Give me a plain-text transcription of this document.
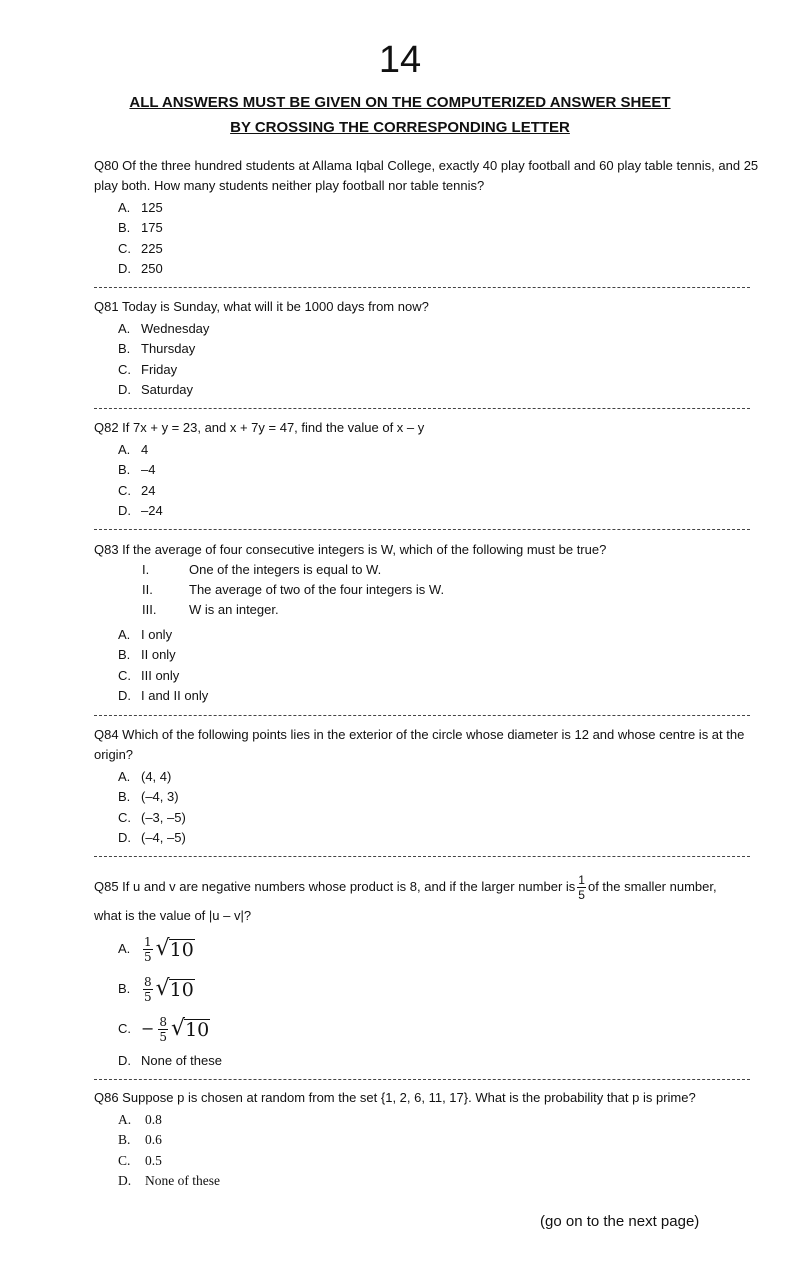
14
ALL ANSWERS MUST BE GIVEN ON THE COMPUTERIZED ANSWER SHEET
BY CROSSING THE CORRESPONDING LETTER

Q80 Of the three hundred students at Allama Iqbal College, exactly 40 play football and 60 play table tennis, and 25 play both. How many students neither play football nor table tennis?

A. 125
B. 175
C. 225
D. 250

Q81 Today is Sunday, what will it be 1000 days from now?

A. Wednesday
B. Thursday
C. Friday
D. Saturday

Q82 If 7x + y = 23, and x + 7y = 47, find the value of x – y

A. 4
B. –4
C. 24
D. –24

Q83 If the average of four consecutive integers is W, which of the following must be true?

I.	One of the integers is equal to W.
II.	The average of two of the four integers is W.
III.	W is an integer.
A. I only
B. II only
C. III only
D. I and II only

Q84 Which of the following points lies in the exterior of the circle whose diameter is 12 and whose centre is at the origin?

A. (4, 4)
B. (–4, 3)
C. (–3, –5)
D. (–4, –5)
Q85 If u and v are negative numbers whose product is 8, and if the larger number is $\frac{1}{5}$ of the smaller number,
what is the value of |u – v|?
A.	$\frac{1}{5}$ √ 10
B.	$\frac{8}{5}$ √ 10
C. − $\frac{8}{5}$ √ 10
D. None of these

Q86 Suppose p is chosen at random from the set {1, 2, 6, 11, 17}. What is the probability that p is prime?

A. 0.8
B. 0.6
C. 0.5
D. None of these
(go on to the next page)
